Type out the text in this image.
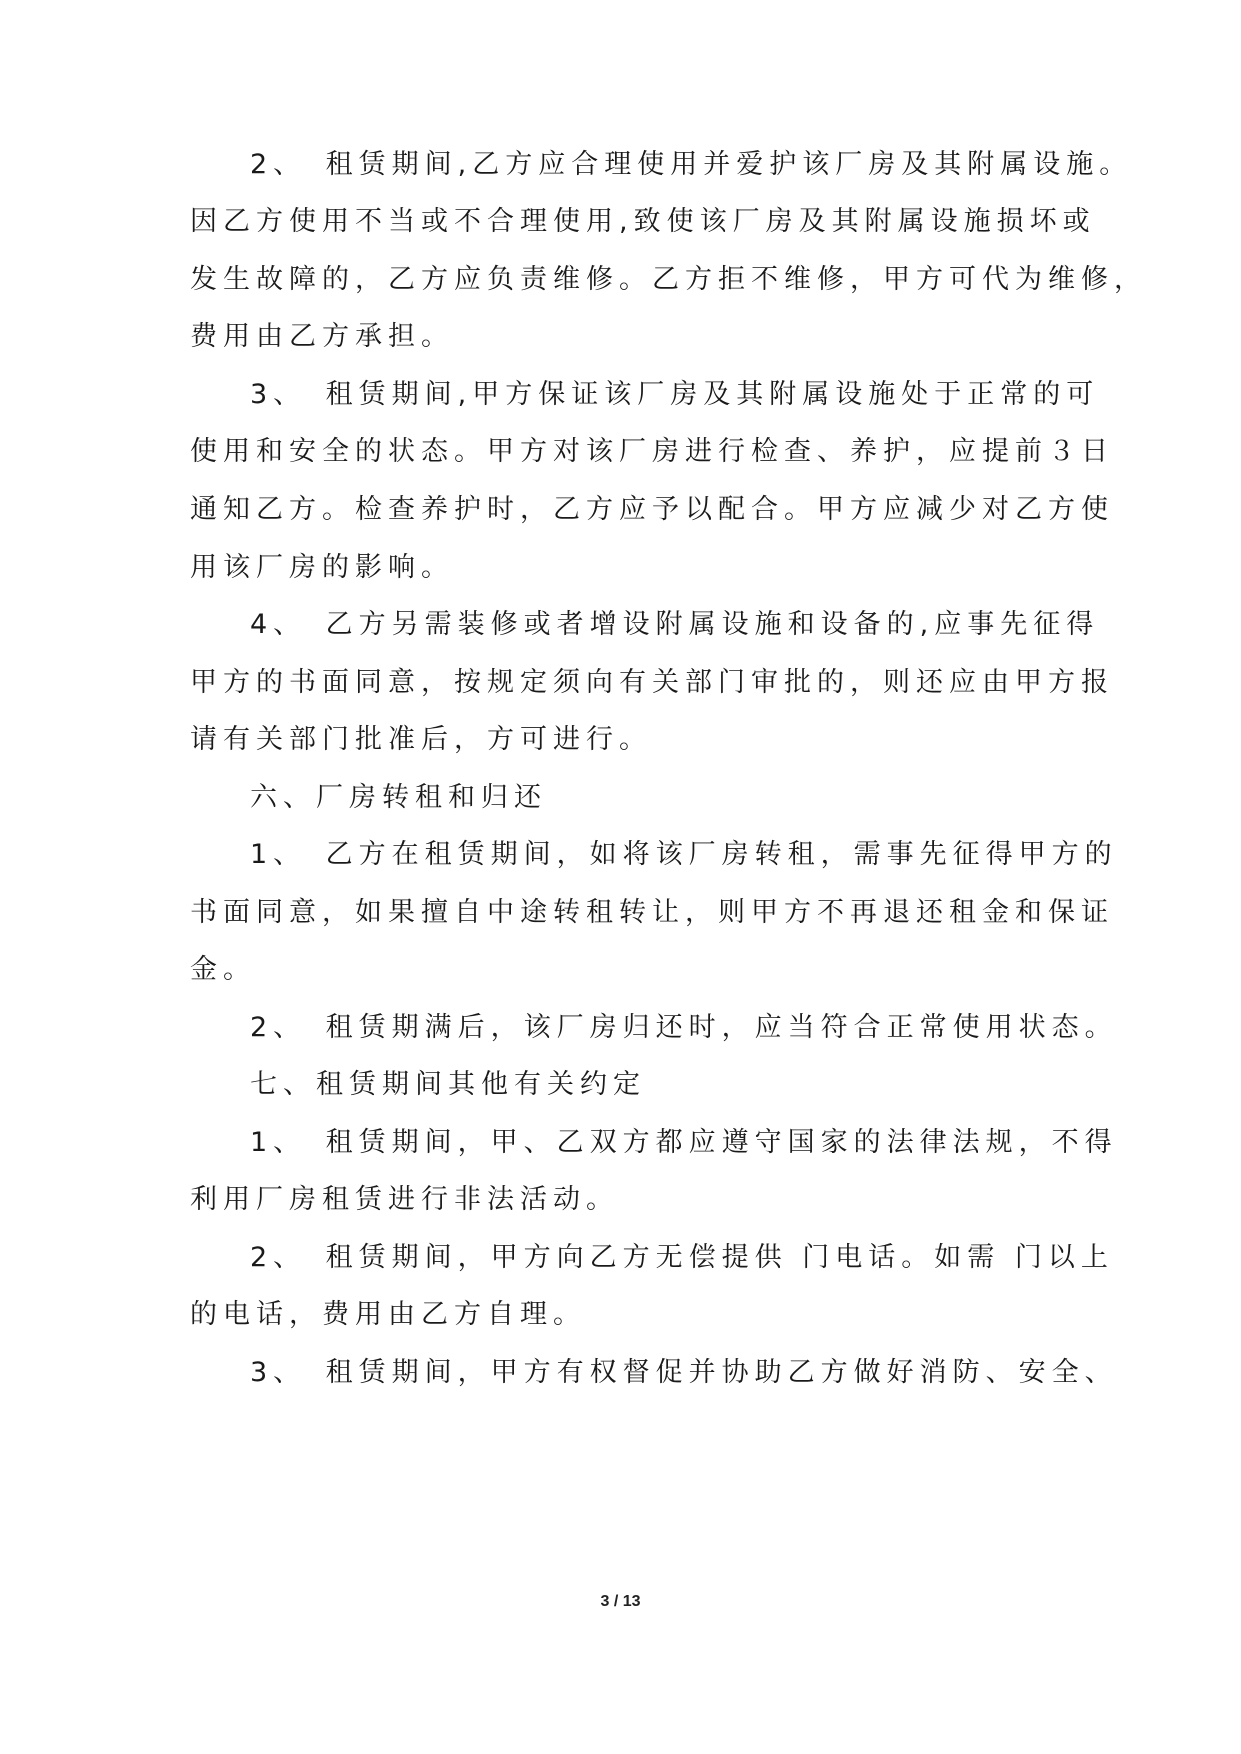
2、　租赁期间,乙方应合理使用并爱护该厂房及其附属设施。
因乙方使用不当或不合理使用,致使该厂房及其附属设施损坏或
发生故障的，乙方应负责维修。乙方拒不维修，甲方可代为维修，
费用由乙方承担。
3、　租赁期间,甲方保证该厂房及其附属设施处于正常的可
使用和安全的状态。甲方对该厂房进行检查、养护，应提前３日
通知乙方。检查养护时，乙方应予以配合。甲方应减少对乙方使
用该厂房的影响。
4、　乙方另需装修或者增设附属设施和设备的,应事先征得
甲方的书面同意，按规定须向有关部门审批的，则还应由甲方报
请有关部门批准后，方可进行。
六、厂房转租和归还
1、　乙方在租赁期间，如将该厂房转租，需事先征得甲方的
书面同意，如果擅自中途转租转让，则甲方不再退还租金和保证
金。
2、　租赁期满后，该厂房归还时，应当符合正常使用状态。
七、租赁期间其他有关约定
1、　租赁期间，甲、乙双方都应遵守国家的法律法规，不得
利用厂房租赁进行非法活动。
2、　租赁期间，甲方向乙方无偿提供 门电话。如需 门以上
的电话，费用由乙方自理。
3、　租赁期间，甲方有权督促并协助乙方做好消防、安全、
3 / 13
